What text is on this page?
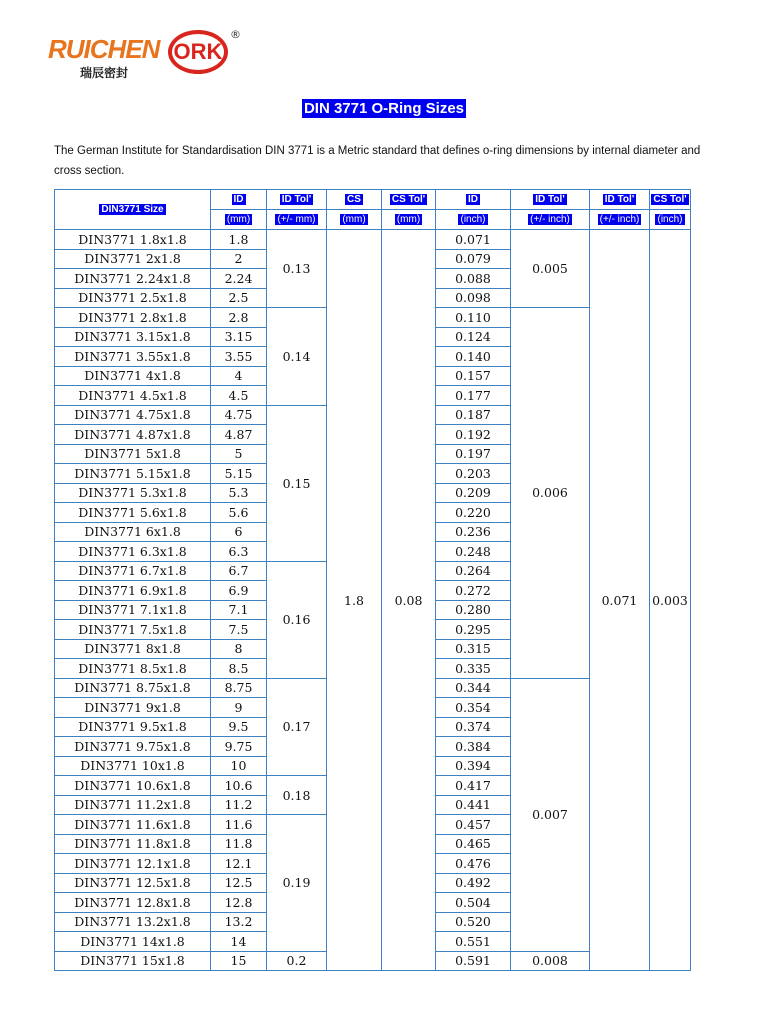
RUICHEN
瑞辰密封
ORK
®
DIN 3771 O-Ring Sizes
The German Institute for Standardisation DIN 3771 is a Metric standard that defines o-ring dimensions by internal diameter and cross section.
DIN3771 Size	ID	ID Tol'	CS	CS Tol'	ID	ID Tol'	ID Tol'	CS Tol'
	(mm)	(+/- mm)	(mm)	(mm)	(inch)	(+/- inch)	(+/- inch)	(inch)
DIN3771 1.8x1.8	1.8	0.13	1.8	0.08	0.071	0.005	0.071	0.003
DIN3771 2x1.8	2				0.079			
DIN3771 2.24x1.8	2.24				0.088			
DIN3771 2.5x1.8	2.5				0.098			
DIN3771 2.8x1.8	2.8	0.14			0.110	0.006		
DIN3771 3.15x1.8	3.15				0.124			
DIN3771 3.55x1.8	3.55				0.140			
DIN3771 4x1.8	4				0.157			
DIN3771 4.5x1.8	4.5				0.177			
DIN3771 4.75x1.8	4.75	0.15			0.187			
DIN3771 4.87x1.8	4.87				0.192			
DIN3771 5x1.8	5				0.197			
DIN3771 5.15x1.8	5.15				0.203			
DIN3771 5.3x1.8	5.3				0.209			
DIN3771 5.6x1.8	5.6				0.220			
DIN3771 6x1.8	6				0.236			
DIN3771 6.3x1.8	6.3				0.248			
DIN3771 6.7x1.8	6.7	0.16			0.264			
DIN3771 6.9x1.8	6.9				0.272			
DIN3771 7.1x1.8	7.1				0.280			
DIN3771 7.5x1.8	7.5				0.295			
DIN3771 8x1.8	8				0.315			
DIN3771 8.5x1.8	8.5				0.335			
DIN3771 8.75x1.8	8.75	0.17			0.344	0.007		
DIN3771 9x1.8	9				0.354			
DIN3771 9.5x1.8	9.5				0.374			
DIN3771 9.75x1.8	9.75				0.384			
DIN3771 10x1.8	10				0.394			
DIN3771 10.6x1.8	10.6	0.18			0.417			
DIN3771 11.2x1.8	11.2				0.441			
DIN3771 11.6x1.8	11.6	0.19			0.457			
DIN3771 11.8x1.8	11.8				0.465			
DIN3771 12.1x1.8	12.1				0.476			
DIN3771 12.5x1.8	12.5				0.492			
DIN3771 12.8x1.8	12.8				0.504			
DIN3771 13.2x1.8	13.2				0.520			
DIN3771 14x1.8	14				0.551			
DIN3771 15x1.8	15	0.2			0.591	0.008		
